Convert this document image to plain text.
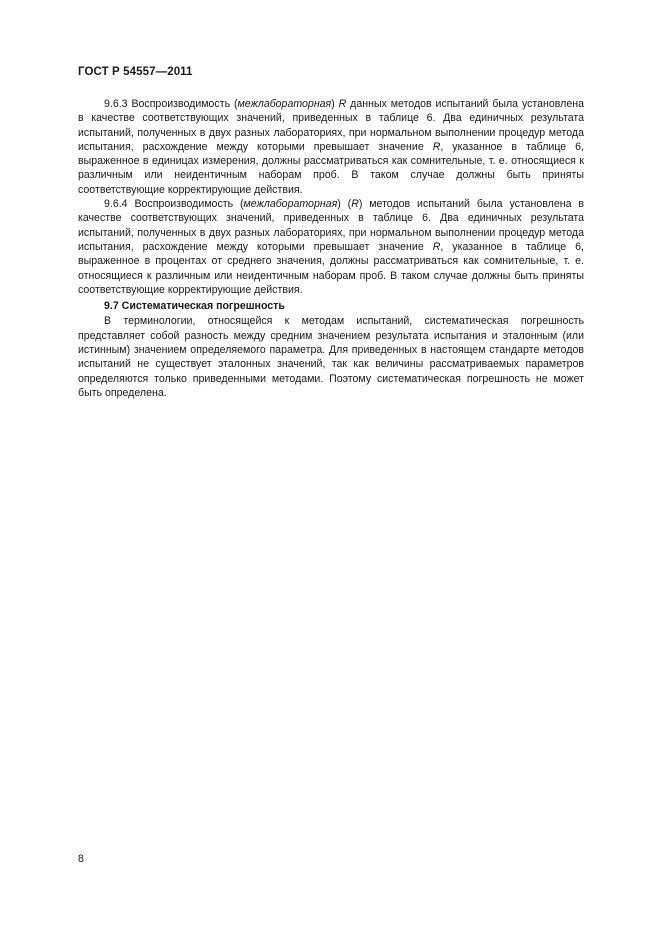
ГОСТ Р 54557—2011

9.6.3 Воспроизводимость (межлабораторная) R данных методов испытаний была установлена в качестве соответствующих значений, приведенных в таблице 6. Два единичных результата испытаний, полученных в двух разных лабораториях, при нормальном выполнении процедур метода испытания, расхождение между которыми превышает значение R, указанное в таблице 6, выраженное в единицах измерения, должны рассматриваться как сомнительные, т. е. относящиеся к различным или неидентичным наборам проб. В таком случае должны быть приняты соответствующие корректирующие действия.

9.6.4 Воспроизводимость (межлабораторная) (R) методов испытаний была установлена в качестве соответствующих значений, приведенных в таблице 6. Два единичных результата испытаний, полученных в двух разных лабораториях, при нормальном выполнении процедур метода испытания, расхождение между которыми превышает значение R, указанное в таблице 6, выраженное в процентах от среднего значения, должны рассматриваться как сомнительные, т. е. относящиеся к различным или неидентичным наборам проб. В таком случае должны быть приняты соответствующие корректирующие действия.

9.7 Систематическая погрешность

В терминологии, относящейся к методам испытаний, систематическая погрешность представляет собой разность между средним значением результата испытания и эталонным (или истинным) значением определяемого параметра. Для приведенных в настоящем стандарте методов испытаний не существует эталонных значений, так как величины рассматриваемых параметров определяются только приведенными методами. Поэтому систематическая погрешность не может быть определена.

8
